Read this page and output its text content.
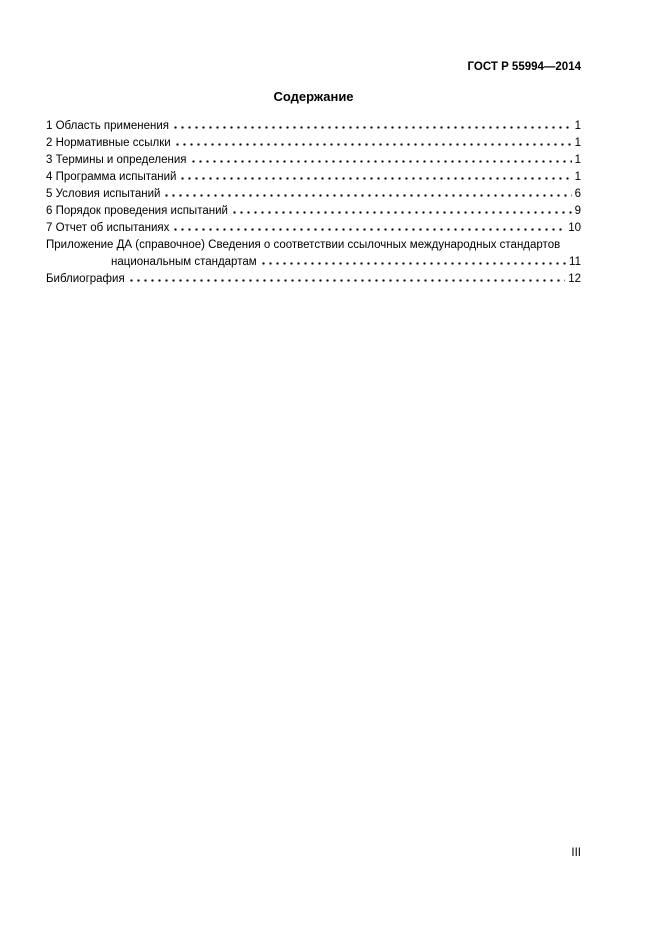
ГОСТ Р 55994—2014
Содержание
1 Область применения	1
2 Нормативные ссылки	1
3 Термины и определения	1
4 Программа испытаний	1
5 Условия испытаний	6
6 Порядок проведения испытаний	9
7 Отчет об испытаниях	10
Приложение ДА (справочное) Сведения о соответствии ссылочных международных стандартов
национальным стандартам	11
Библиография	12
III
